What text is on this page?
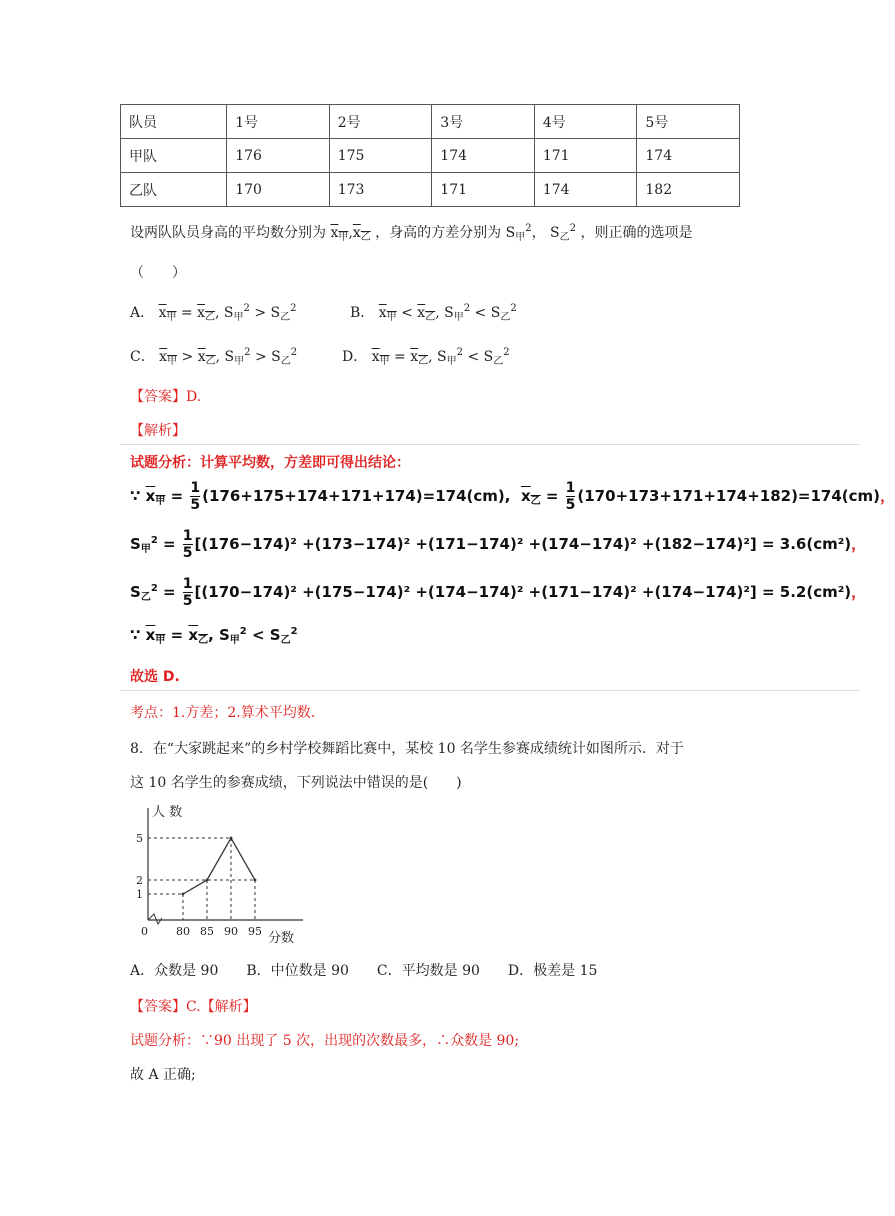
队员	1号	2号	3号	4号	5号
甲队	176	175	174	171	174
乙队	170	173	171	174	182
设两队队员身高的平均数分别为 $x_甲,x_乙$ ，身高的方差分别为 $S_甲^2$， $S_乙^2$ ，则正确的选项是
（　　）
A． $x_甲 = x_乙$, $S_甲^2 > S_乙^2$	B． $x_甲 < x_乙$, $S_甲^2 < S_乙^2$
C． $x_甲 > x_乙$, $S_甲^2 > S_乙^2$	D． $x_甲 = x_乙$, $S_甲^2 < S_乙^2$
【答案】D.
【解析】
试题分析：计算平均数，方差即可得出结论：
∵ $x_甲 = \frac{1}{5} (176+175+174+171+174)=174(cm)$,  $x_乙 = \frac{1}{5} (170+173+171+174+182)=174(cm)$，
$S_甲^2 = \frac{1}{5} [(176-174)^2 +(173-174)^2 +(171-174)^2 +(174-174)^2 +(182-174)^2] = 3.6(cm^2)$，
$S_乙^2 = \frac{1}{5} [(170-174)^2 +(175-174)^2 +(174-174)^2 +(171-174)^2 +(174-174)^2] = 5.2(cm^2)$，
∵ $x_甲 = x_乙$, $S_甲^2 < S_乙^2$
故选 D.
考点：1.方差；2.算术平均数.
8．在“大家跳起来”的乡村学校舞蹈比赛中，某校 10 名学生参赛成绩统计如图所示．对于
这 10 名学生的参赛成绩，下列说法中错误的是(　　)
人 数
分数
0	80 85 90 95
1
2
5
A．众数是 90　　B．中位数是 90　　C．平均数是 90　　D．极差是 15
【答案】C.【解析】
试题分析：∵90 出现了 5 次，出现的次数最多，∴众数是 90;
故 A 正确;
